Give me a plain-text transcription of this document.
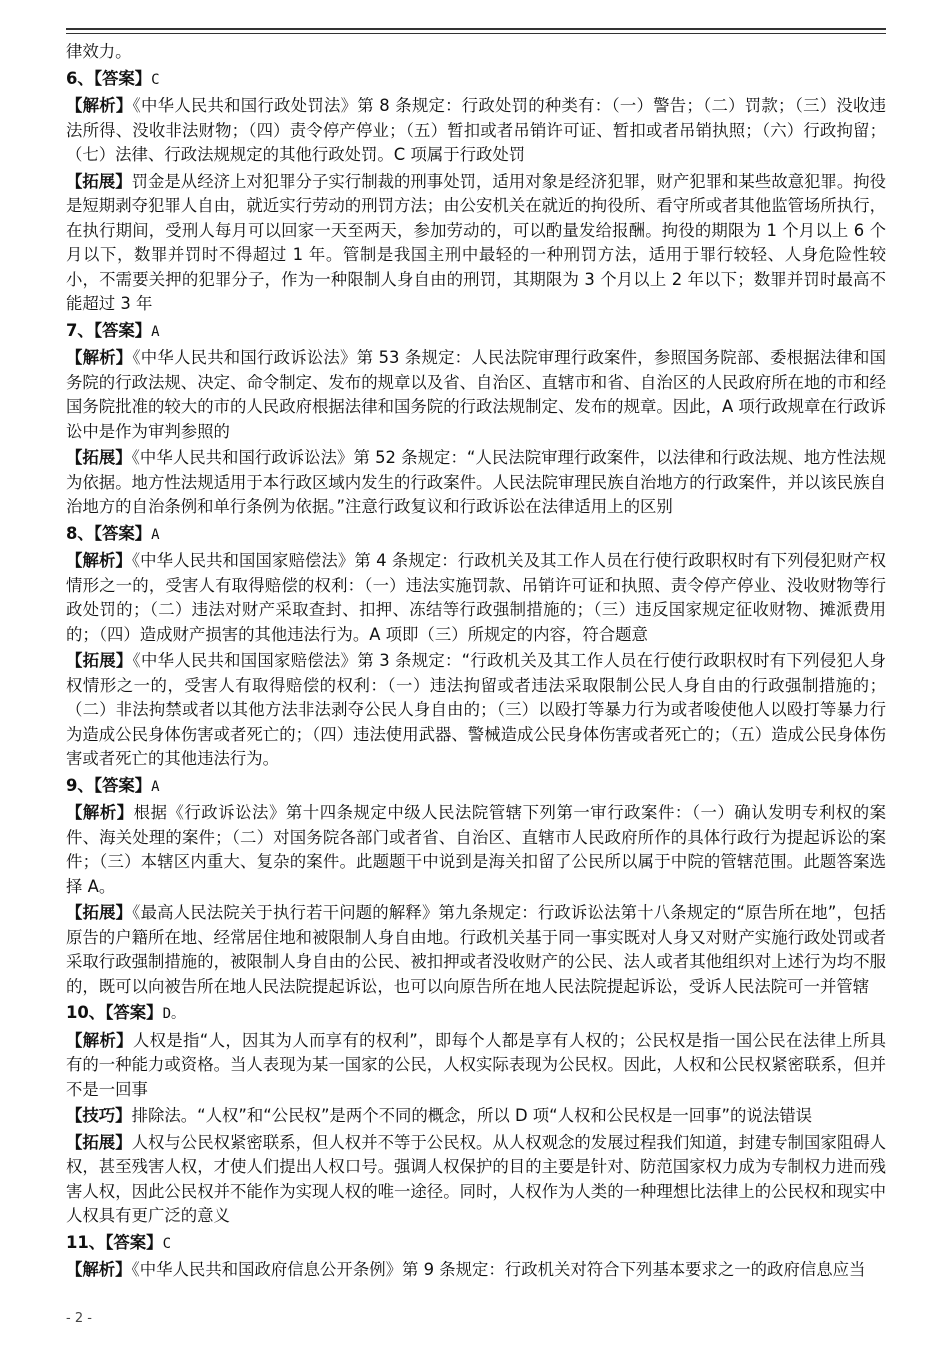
律效力。
6、【答案】C
【解析】《中华人民共和国行政处罚法》第 8 条规定：行政处罚的种类有：（一）警告；（二）罚款；（三）没收违法所得、没收非法财物；（四）责令停产停业；（五）暂扣或者吊销许可证、暂扣或者吊销执照；（六）行政拘留；（七）法律、行政法规规定的其他行政处罚。C 项属于行政处罚
【拓展】罚金是从经济上对犯罪分子实行制裁的刑事处罚，适用对象是经济犯罪，财产犯罪和某些故意犯罪。拘役是短期剥夺犯罪人自由，就近实行劳动的刑罚方法；由公安机关在就近的拘役所、看守所或者其他监管场所执行，在执行期间，受刑人每月可以回家一天至两天，参加劳动的，可以酌量发给报酬。拘役的期限为 1 个月以上 6 个月以下，数罪并罚时不得超过 1 年。管制是我国主刑中最轻的一种刑罚方法，适用于罪行较轻、人身危险性较小，不需要关押的犯罪分子，作为一种限制人身自由的刑罚，其期限为 3 个月以上 2 年以下；数罪并罚时最高不能超过 3 年
7、【答案】A
【解析】《中华人民共和国行政诉讼法》第 53 条规定：人民法院审理行政案件，参照国务院部、委根据法律和国务院的行政法规、决定、命令制定、发布的规章以及省、自治区、直辖市和省、自治区的人民政府所在地的市和经国务院批准的较大的市的人民政府根据法律和国务院的行政法规制定、发布的规章。因此，A 项行政规章在行政诉讼中是作为审判参照的
【拓展】《中华人民共和国行政诉讼法》第 52 条规定：“人民法院审理行政案件，以法律和行政法规、地方性法规为依据。地方性法规适用于本行政区域内发生的行政案件。人民法院审理民族自治地方的行政案件，并以该民族自治地方的自治条例和单行条例为依据。”注意行政复议和行政诉讼在法律适用上的区别
8、【答案】A
【解析】《中华人民共和国国家赔偿法》第 4 条规定：行政机关及其工作人员在行使行政职权时有下列侵犯财产权情形之一的，受害人有取得赔偿的权利：（一）违法实施罚款、吊销许可证和执照、责令停产停业、没收财物等行政处罚的；（二）违法对财产采取查封、扣押、冻结等行政强制措施的；（三）违反国家规定征收财物、摊派费用的；（四）造成财产损害的其他违法行为。A 项即（三）所规定的内容，符合题意
【拓展】《中华人民共和国国家赔偿法》第 3 条规定：“行政机关及其工作人员在行使行政职权时有下列侵犯人身权情形之一的，受害人有取得赔偿的权利：（一）违法拘留或者违法采取限制公民人身自由的行政强制措施的；（二）非法拘禁或者以其他方法非法剥夺公民人身自由的；（三）以殴打等暴力行为或者唆使他人以殴打等暴力行为造成公民身体伤害或者死亡的；（四）违法使用武器、警械造成公民身体伤害或者死亡的；（五）造成公民身体伤害或者死亡的其他违法行为。
9、【答案】A
【解析】根据《行政诉讼法》第十四条规定中级人民法院管辖下列第一审行政案件：（一）确认发明专利权的案件、海关处理的案件；（二）对国务院各部门或者省、自治区、直辖市人民政府所作的具体行政行为提起诉讼的案件；（三）本辖区内重大、复杂的案件。此题题干中说到是海关扣留了公民所以属于中院的管辖范围。此题答案选择 A。
【拓展】《最高人民法院关于执行若干问题的解释》第九条规定：行政诉讼法第十八条规定的“原告所在地”，包括原告的户籍所在地、经常居住地和被限制人身自由地。行政机关基于同一事实既对人身又对财产实施行政处罚或者采取行政强制措施的，被限制人身自由的公民、被扣押或者没收财产的公民、法人或者其他组织对上述行为均不服的，既可以向被告所在地人民法院提起诉讼，也可以向原告所在地人民法院提起诉讼，受诉人民法院可一并管辖
10、【答案】D。
【解析】人权是指“人，因其为人而享有的权利”，即每个人都是享有人权的；公民权是指一国公民在法律上所具有的一种能力或资格。当人表现为某一国家的公民，人权实际表现为公民权。因此，人权和公民权紧密联系，但并不是一回事
【技巧】排除法。“人权”和“公民权”是两个不同的概念，所以 D 项“人权和公民权是一回事”的说法错误
【拓展】人权与公民权紧密联系，但人权并不等于公民权。从人权观念的发展过程我们知道，封建专制国家阻碍人权，甚至残害人权，才使人们提出人权口号。强调人权保护的目的主要是针对、防范国家权力成为专制权力进而残害人权，因此公民权并不能作为实现人权的唯一途径。同时，人权作为人类的一种理想比法律上的公民权和现实中人权具有更广泛的意义
11、【答案】C
【解析】《中华人民共和国政府信息公开条例》第 9 条规定：行政机关对符合下列基本要求之一的政府信息应当
- 2 -
